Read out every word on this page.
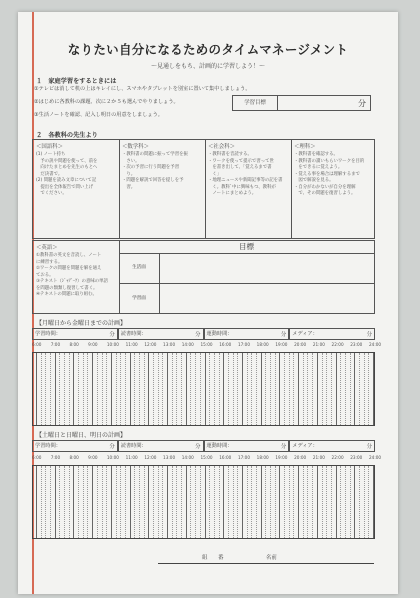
なりたい自分になるためのタイムマネージメント
〜見通しをもち、計画的に学習しよう！〜
１　家庭学習をするときには
①テレビは消して机の上はキレイにし、スマホやタブレットを別室に置いて集中しましょう。
②はじめに各教科の課題、次に２か５も選んでやりましょう。
③生活ノートを確認、記入し明日の用意をしましょう。
学習目標	分
２　各教科の先生より
＜国語科＞
(1) ノート持ち
　予の説や問題を使って、前を
　向けたまとめを先生のもとへ
　だ決書で。
(2) 問題を読み文章について記
　提出を全体報告で問い上げ
　でください。
＜数学科＞
・教科書の問題に振って学習を振
　さい。
・次の予習に行う問題を予習
　り。
・問題を解説で回答を提しを予
　習。
＜社会科＞
・教科書を音読する。
・ワークを使って提示で習って世
　を書き出して、「覚えるまで書
　く」
・地理ニュースや新聞記事等の記を書
　く。教科ﾞ中に興味もつ、教科が
　ノートにまとめよう。
＜理科＞
・教科書を確認する。
・教科書の讀いもらいワークを目的
　をできるに覚えよう。
・覚える事を場合は理解するまで
　図で解説を見る。
・自分がわかないが自分を理解
　で、その問題を復習しよう。
＜英語＞
①教科書の英文を音読し、ノート
に練習する。
②ワークの問題を問題を解を通え
ておる。
③テキスト（ｼﾞｬﾌﾟｰｸ）の意味の単語
を問題の類類し復習して書く。
④テキストの問題に取り組む。
目標
生活面
学習面
【月曜日から金曜日までの計画】
学習時間：	分	読書時間：	分	運動時間：	分	メディア：	分
6:00 7:00 8:00 9:00 10:00 11:00 12:00 13:00 14:00 15:00 16:00 17:00 18:00 19:00 20:00 21:00 22:00 23:00 24:00
【土曜日と日曜日、明日の計画】
学習時間：	分	読書時間：	分	運動時間：	分	メディア：	分
6:00 7:00 8:00 9:00 10:00 11:00 12:00 13:00 14:00 15:00 16:00 17:00 18:00 19:00 20:00 21:00 22:00 23:00 24:00
組　　番	名前
